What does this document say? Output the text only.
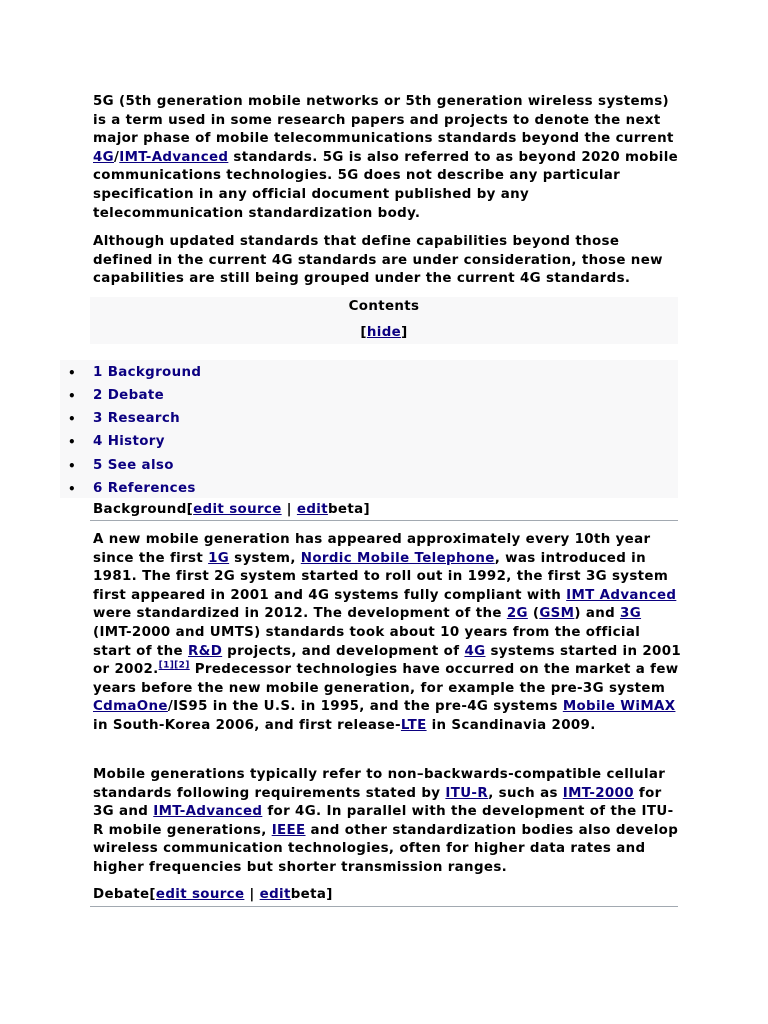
5G (5th generation mobile networks or 5th generation wireless systems) is a term used in some research papers and projects to denote the next major phase of mobile telecommunications standards beyond the current 4G/IMT-Advanced standards. 5G is also referred to as beyond 2020 mobile communications technologies. 5G does not describe any particular specification in any official document published by any telecommunication standardization body.

Although updated standards that define capabilities beyond those defined in the current 4G standards are under consideration, those new capabilities are still being grouped under the current 4G standards.

Contents
[hide]
• 1 Background
• 2 Debate
• 3 Research
• 4 History
• 5 See also
• 6 References
Background[edit source | editbeta]

A new mobile generation has appeared approximately every 10th year since the first 1G system, Nordic Mobile Telephone, was introduced in 1981. The first 2G system started to roll out in 1992, the first 3G system first appeared in 2001 and 4G systems fully compliant with IMT Advanced were standardized in 2012. The development of the 2G (GSM) and 3G (IMT-2000 and UMTS) standards took about 10 years from the official start of the R&D projects, and development of 4G systems started in 2001 or 2002.[1][2] Predecessor technologies have occurred on the market a few years before the new mobile generation, for example the pre-3G system CdmaOne/IS95 in the U.S. in 1995, and the pre-4G systems Mobile WiMAX in South-Korea 2006, and first release-LTE in Scandinavia 2009.

Mobile generations typically refer to non–backwards-compatible cellular standards following requirements stated by ITU-R, such as IMT-2000 for 3G and IMT-Advanced for 4G. In parallel with the development of the ITU-R mobile generations, IEEE and other standardization bodies also develop wireless communication technologies, often for higher data rates and higher frequencies but shorter transmission ranges.

Debate[edit source | editbeta]
